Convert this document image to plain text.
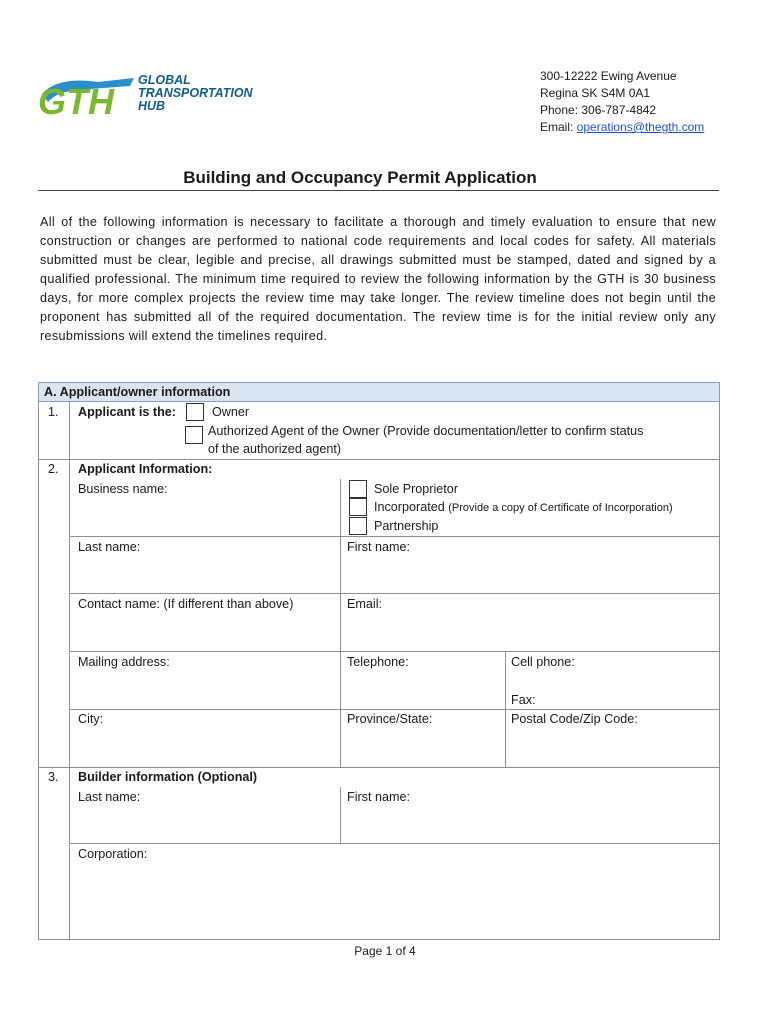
GTH
GLOBAL
TRANSPORTATION
HUB
300-12222 Ewing Avenue
Regina SK S4M 0A1
Phone: 306-787-4842
Email: operations@thegth.com
Building and Occupancy Permit Application
All of the following information is necessary to facilitate a thorough and timely evaluation to ensure that new construction or changes are performed to national code requirements and local codes for safety. All materials submitted must be clear, legible and precise, all drawings submitted must be stamped, dated and signed by a qualified professional. The minimum time required to review the following information by the GTH is 30 business days, for more complex projects the review time may take longer. The review timeline does not begin until the proponent has submitted all of the required documentation. The review time is for the initial review only any resubmissions will extend the timelines required.
A. Applicant/owner information
1. Applicant is the:	Owner
Authorized Agent of the Owner (Provide documentation/letter to confirm status
of the authorized agent)
2. Applicant Information:
Business name:	Sole Proprietor
Incorporated (Provide a copy of Certificate of Incorporation)
Partnership
Last name:	First name:
Contact name: (If different than above)	Email:
Mailing address:	Telephone:	Cell phone:
Fax:
City:	Province/State:	Postal Code/Zip Code:
3. Builder information (Optional)
Last name:	First name:
Corporation:
Page 1 of 4
